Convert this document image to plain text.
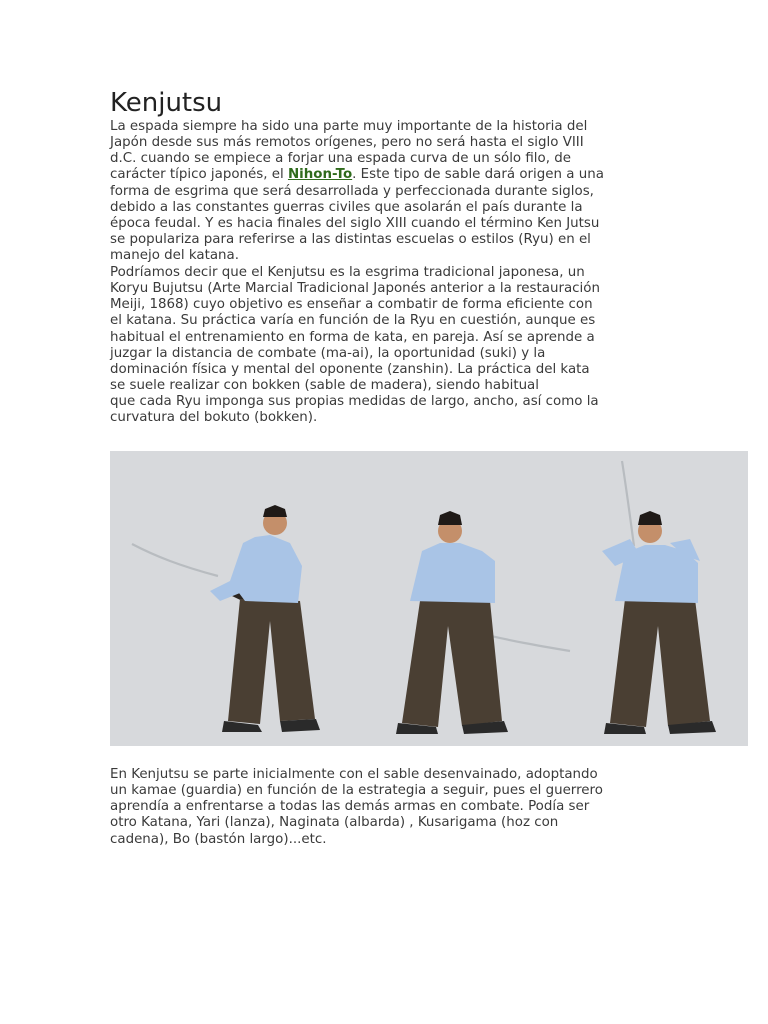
Kenjutsu
La espada siempre ha sido una parte muy importante de la historia del
Japón desde sus más remotos orígenes, pero no será hasta el siglo VIII
d.C. cuando se empiece a forjar una espada curva de un sólo filo, de
carácter típico japonés, el Nihon-To. Este tipo de sable dará origen a una
forma de esgrima que será desarrollada y perfeccionada durante siglos,
debido a las constantes guerras civiles que asolarán el país durante la
época feudal. Y es hacia finales del siglo XIII cuando el término Ken Jutsu
se populariza para referirse a las distintas escuelas o estilos (Ryu) en el
manejo del katana.
Podríamos decir que el Kenjutsu es la esgrima tradicional japonesa, un
Koryu Bujutsu (Arte Marcial Tradicional Japonés anterior a la restauración
Meiji, 1868) cuyo objetivo es enseñar a combatir de forma eficiente con
el katana. Su práctica varía en función de la Ryu en cuestión, aunque es
habitual el entrenamiento en forma de kata, en pareja. Así se aprende a
juzgar la distancia de combate (ma-ai), la oportunidad (suki) y la
dominación física y mental del oponente (zanshin). La práctica del kata
se suele realizar con bokken (sable de madera), siendo habitual
que cada Ryu imponga sus propias medidas de largo, ancho, así como la
curvatura del bokuto (bokken).
En Kenjutsu se parte inicialmente con el sable desenvainado, adoptando
un kamae (guardia) en función de la estrategia a seguir, pues el guerrero
aprendía a enfrentarse a todas las demás armas en combate. Podía ser
otro Katana, Yari (lanza), Naginata (albarda) , Kusarigama (hoz con
cadena), Bo (bastón largo)...etc.
